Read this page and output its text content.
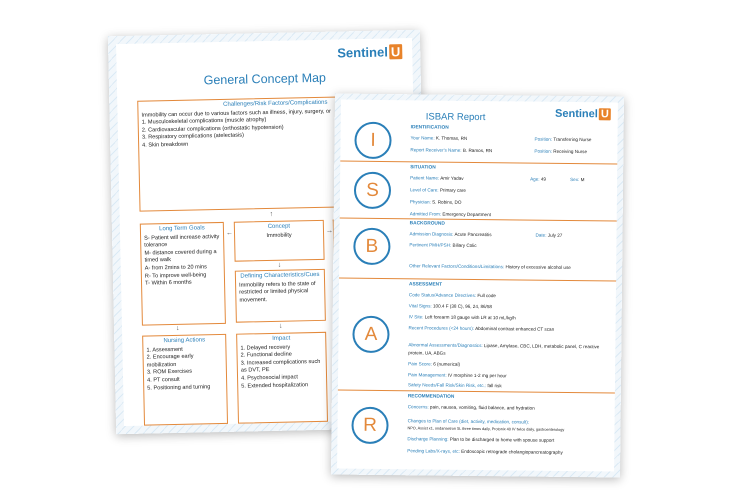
Sentinel U
General Concept Map
Challenges/Risk Factors/Complications
Immobility can occur due to various factors such as illness, injury, surgery, or
1. Musculoskeletal complications (muscle atrophy)
2. Cardiovascular complications (orthostatic hypotension)
3. Respiratory complications (atelectasis)
4. Skin breakdown
↑
Long Term Goals
S- Patient will increase activity tolerance
M- distance covered during a timed walk
A- from 2mins to 20 mins
R- To improve well-being
T- Within 6 months
←
Concept
Immobility
→
↓
Defining Characteristics/Cues
Immobility refers to the state of restricted or limited physical movement.
↓	↓
Nursing Actions
1. Assessment
2. Encourage early mobilization
3. ROM Exercises
4. PT consult
5. Positioning and turning
Impact
1. Delayed recovery
2. Functional decline
3. Increased complications such as DVT, PE
4. Psychosocial impact
5. Extended hospitalization
ISBAR Report	Sentinel U
I
IDENTIFICATION
Your Name: K. Thomas, RN	Position: Transferring Nurse
Report Receiver's Name: B. Ramos, RN	Position: Receiving Nurse
S
SITUATION
Patient Name: Amir Yadav	Age: 49	Sex: M
Level of Care: Primary care
Physician: S. Robins, DO
Admitted From: Emergency Department
B
BACKGROUND
Admission Diagnosis: Acute Pancreatitis	Date: July 27
Pertinent PMH/PSH: Biliary Colic
Other Relevant Factors/Conditions/Limitations: History of excessive alcohol use
A
ASSESSMENT
Code Status/Advance Directives: Full code
Vital Signs: 100.4 F (38 C), 96, 24, 86/58
IV Site: Left forearm 18 gauge with LR at 10 mL/kg/h
Recent Procedures (<24 hours): Abdominal contrast enhanced CT scan
Abnormal Assessments/Diagnostics: Lipase, Amylase, CBC, LDH, metabolic panel, C reactive protein, UA, ABGs
Pain Score: 6 (numerical)
Pain Management: IV morphine 1-2 mg per hour
Safety Needs/Fall Risk/Skin Risk, etc.: fall risk
R
RECOMMENDATION
Concerns: pain, nausea, vomiting, fluid balance, and hydration
Changes to Plan of Care (diet, activity, medication, consult):
NPO, Assist x1, ondansetron 5L three times daily, Protonix 40 IV twice daily, gastroenterology
Discharge Planning: Plan to be discharged to home with spouse support
Pending Labs/X-rays, etc: Endoscopic retrograde cholangiopancreatography
